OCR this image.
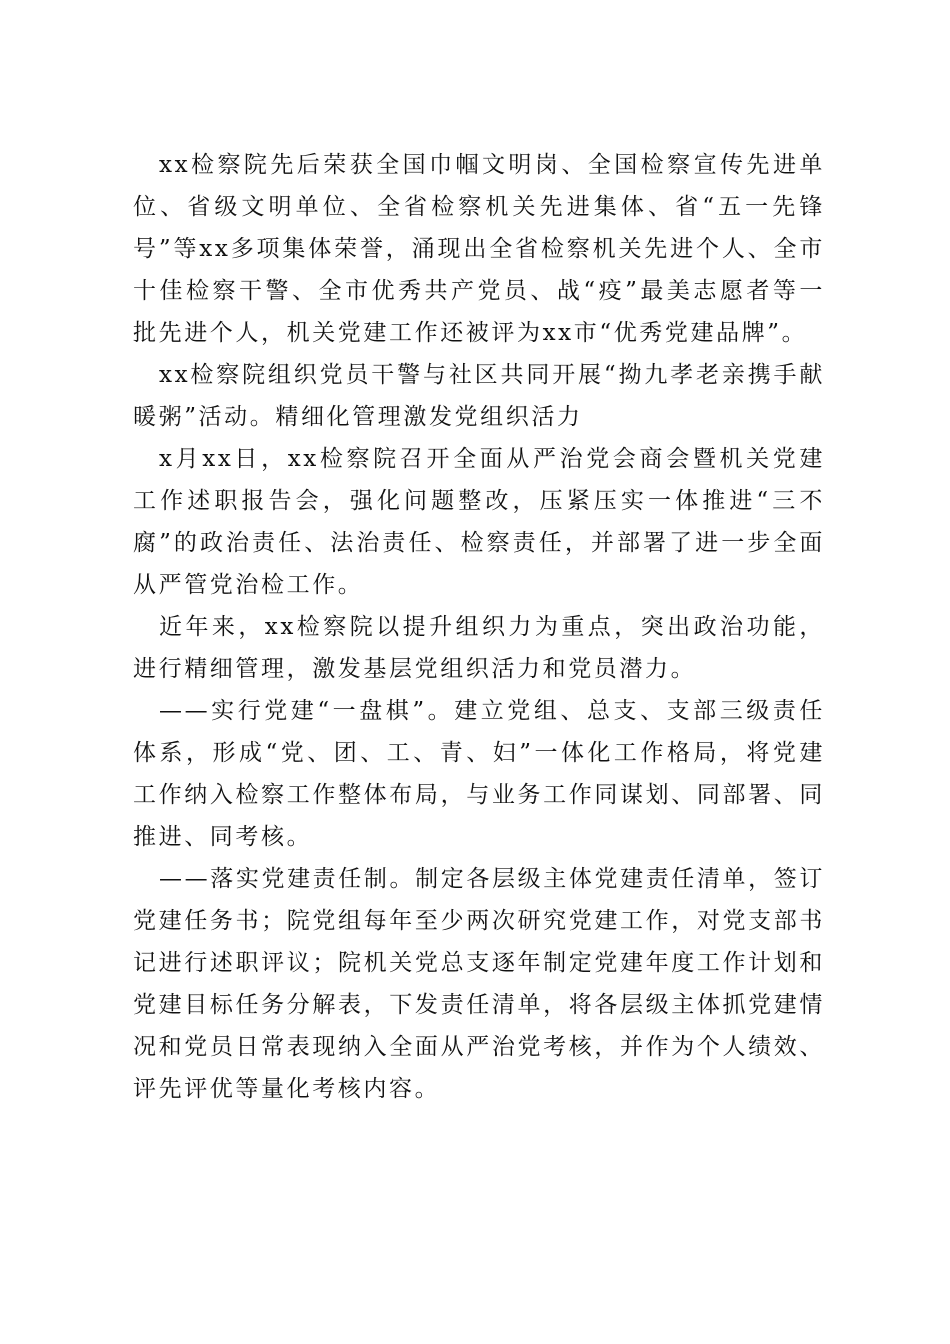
xx检察院先后荣获全国巾帼文明岗、全国检察宣传先进单位、省级文明单位、全省检察机关先进集体、省“五一先锋号”等xx多项集体荣誉，涌现出全省检察机关先进个人、全市十佳检察干警、全市优秀共产党员、战“疫”最美志愿者等一批先进个人，机关党建工作还被评为xx市“优秀党建品牌”。

xx检察院组织党员干警与社区共同开展“拗九孝老亲携手献暖粥”活动。精细化管理激发党组织活力

x月xx日，xx检察院召开全面从严治党会商会暨机关党建工作述职报告会，强化问题整改，压紧压实一体推进“三不腐”的政治责任、法治责任、检察责任，并部署了进一步全面从严管党治检工作。

近年来，xx检察院以提升组织力为重点，突出政治功能，进行精细管理，激发基层党组织活力和党员潜力。

——实行党建“一盘棋”。建立党组、总支、支部三级责任体系，形成“党、团、工、青、妇”一体化工作格局，将党建工作纳入检察工作整体布局，与业务工作同谋划、同部署、同推进、同考核。

——落实党建责任制。制定各层级主体党建责任清单，签订党建任务书；院党组每年至少两次研究党建工作，对党支部书记进行述职评议；院机关党总支逐年制定党建年度工作计划和党建目标任务分解表，下发责任清单，将各层级主体抓党建情况和党员日常表现纳入全面从严治党考核，并作为个人绩效、评先评优等量化考核内容。
